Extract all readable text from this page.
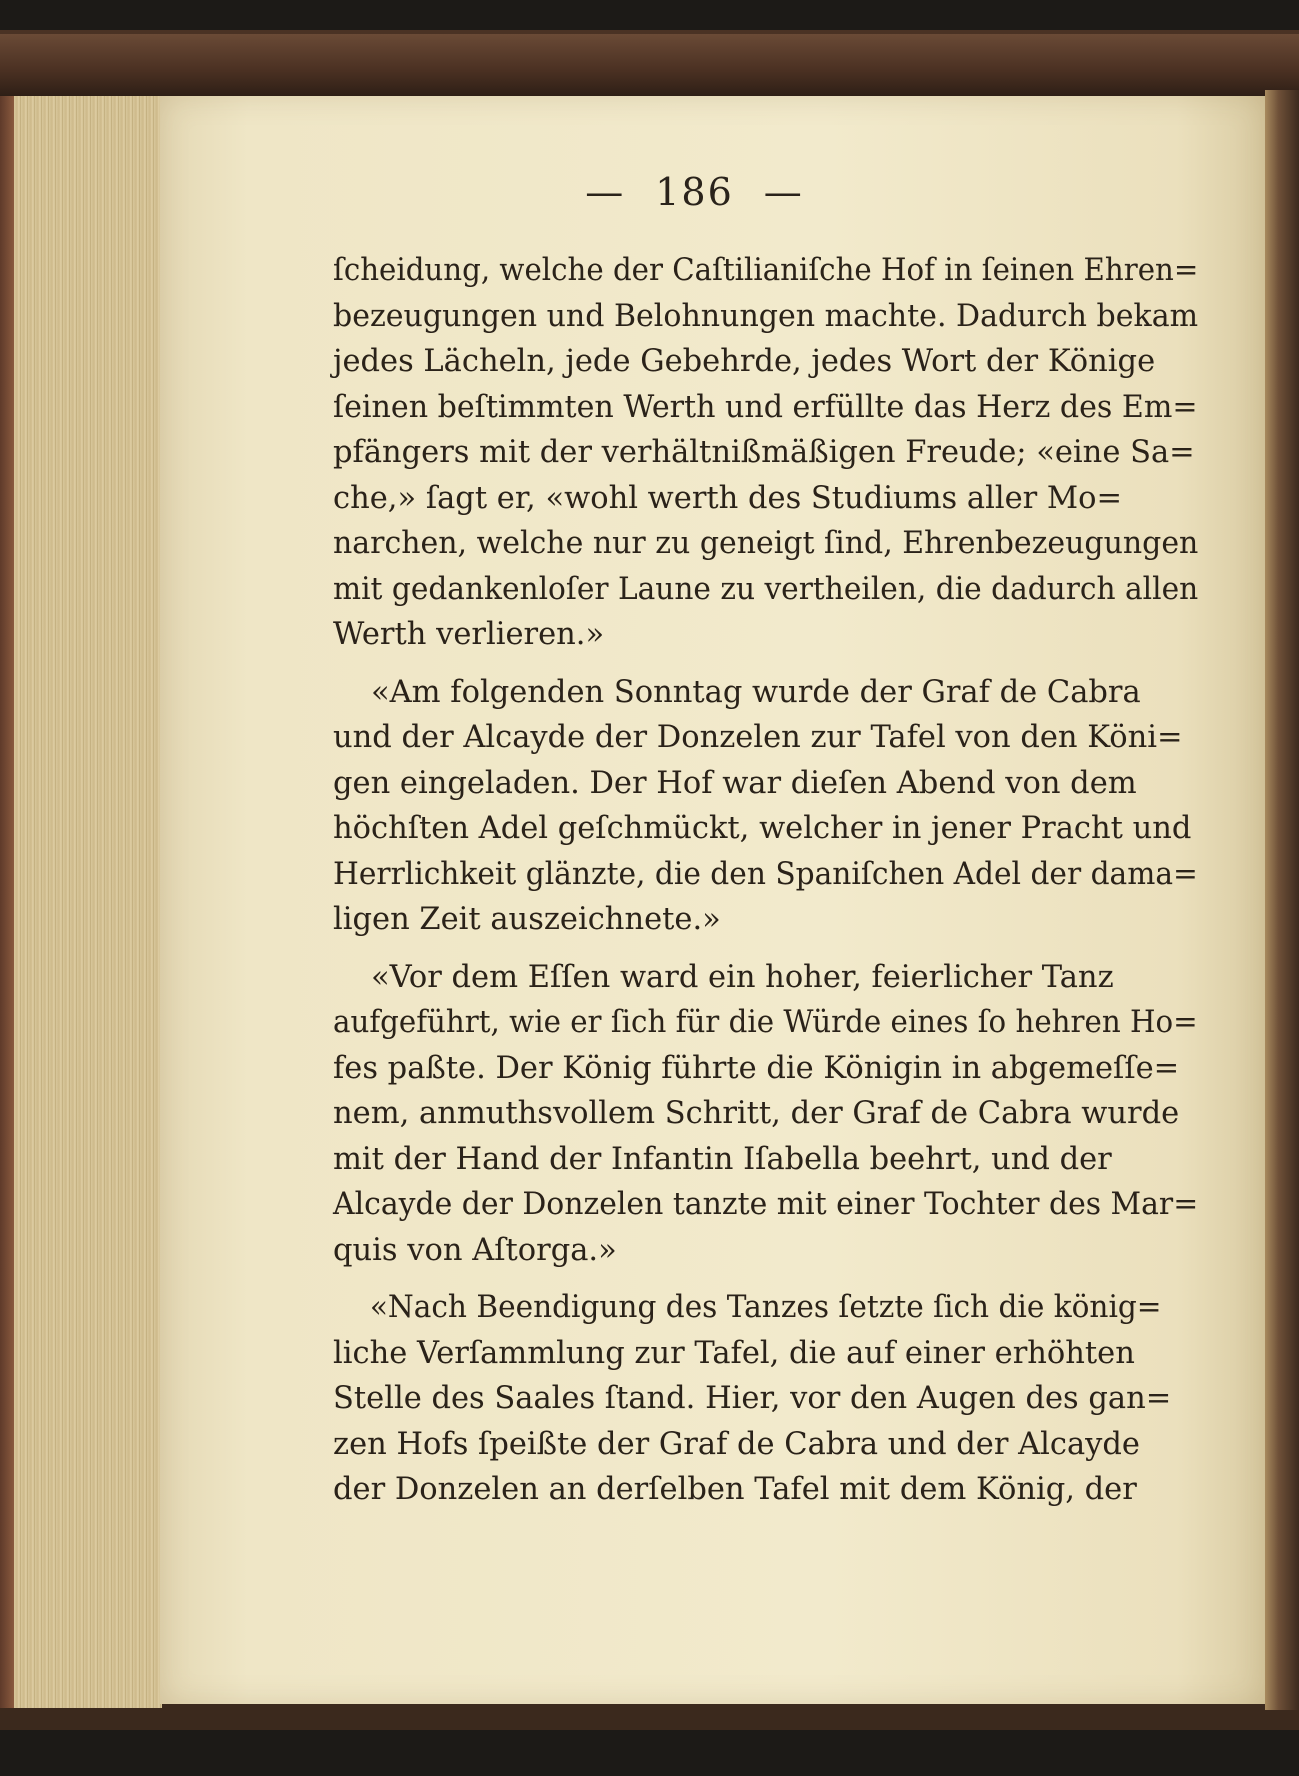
— 186 —

ſcheidung, welche der Caſtilianiſche Hof in ſeinen Ehren=
bezeugungen und Belohnungen machte. Dadurch bekam
jedes Lächeln, jede Gebehrde, jedes Wort der Könige
ſeinen beſtimmten Werth und erfüllte das Herz des Em=
pfängers mit der verhältnißmäßigen Freude; «eine Sa=
che,» ſagt er, «wohl werth des Studiums aller Mo=
narchen, welche nur zu geneigt ſind, Ehrenbezeugungen
mit gedankenloſer Laune zu vertheilen, die dadurch allen
Werth verlieren.»

«Am folgenden Sonntag wurde der Graf de Cabra
und der Alcayde der Donzelen zur Tafel von den Köni=
gen eingeladen. Der Hof war dieſen Abend von dem
höchſten Adel geſchmückt, welcher in jener Pracht und
Herrlichkeit glänzte, die den Spaniſchen Adel der dama=
ligen Zeit auszeichnete.»

«Vor dem Eſſen ward ein hoher, feierlicher Tanz
aufgeführt, wie er ſich für die Würde eines ſo hehren Ho=
fes paßte. Der König führte die Königin in abgemeſſe=
nem, anmuthsvollem Schritt, der Graf de Cabra wurde
mit der Hand der Infantin Iſabella beehrt, und der
Alcayde der Donzelen tanzte mit einer Tochter des Mar=
quis von Aſtorga.»

«Nach Beendigung des Tanzes ſetzte ſich die könig=
liche Verſammlung zur Tafel, die auf einer erhöhten
Stelle des Saales ſtand. Hier, vor den Augen des gan=
zen Hofs ſpeißte der Graf de Cabra und der Alcayde
der Donzelen an derſelben Tafel mit dem König, der
